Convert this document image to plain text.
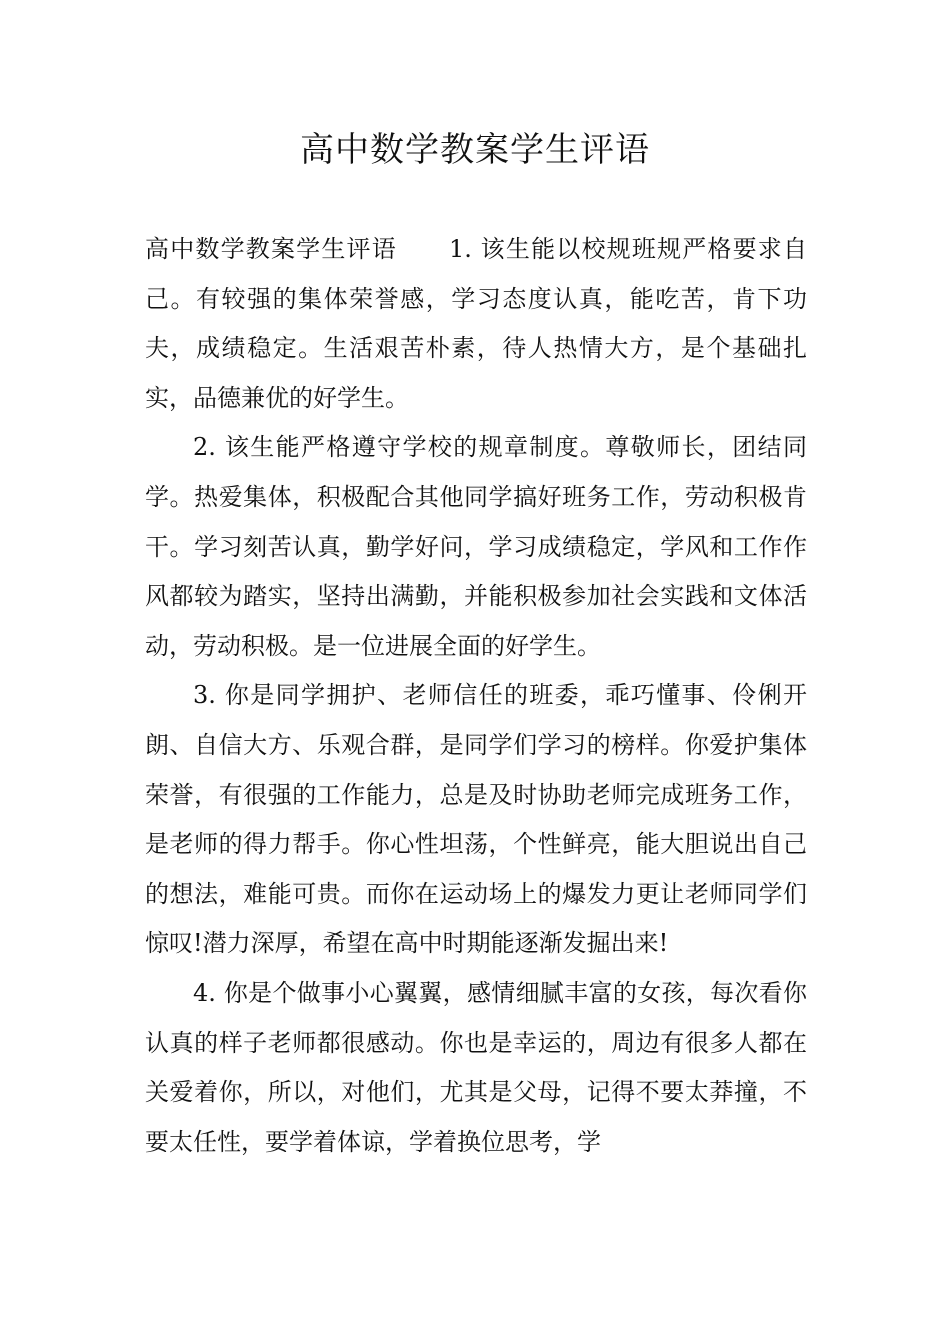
高中数学教案学生评语

高中数学教案学生评语 1. 该生能以校规班规严格要求自己。有较强的集体荣誉感，学习态度认真，能吃苦，肯下功夫，成绩稳定。生活艰苦朴素，待人热情大方，是个基础扎实，品德兼优的好学生。

2. 该生能严格遵守学校的规章制度。尊敬师长，团结同学。热爱集体，积极配合其他同学搞好班务工作，劳动积极肯干。学习刻苦认真，勤学好问，学习成绩稳定，学风和工作作风都较为踏实，坚持出满勤，并能积极参加社会实践和文体活动，劳动积极。是一位进展全面的好学生。

3. 你是同学拥护、老师信任的班委，乖巧懂事、伶俐开朗、自信大方、乐观合群，是同学们学习的榜样。你爱护集体荣誉，有很强的工作能力，总是及时协助老师完成班务工作，是老师的得力帮手。你心性坦荡，个性鲜亮，能大胆说出自己的想法，难能可贵。而你在运动场上的爆发力更让老师同学们惊叹!潜力深厚，希望在高中时期能逐渐发掘出来!

4. 你是个做事小心翼翼，感情细腻丰富的女孩，每次看你认真的样子老师都很感动。你也是幸运的，周边有很多人都在关爱着你，所以，对他们，尤其是父母，记得不要太莽撞，不要太任性，要学着体谅，学着换位思考，学
